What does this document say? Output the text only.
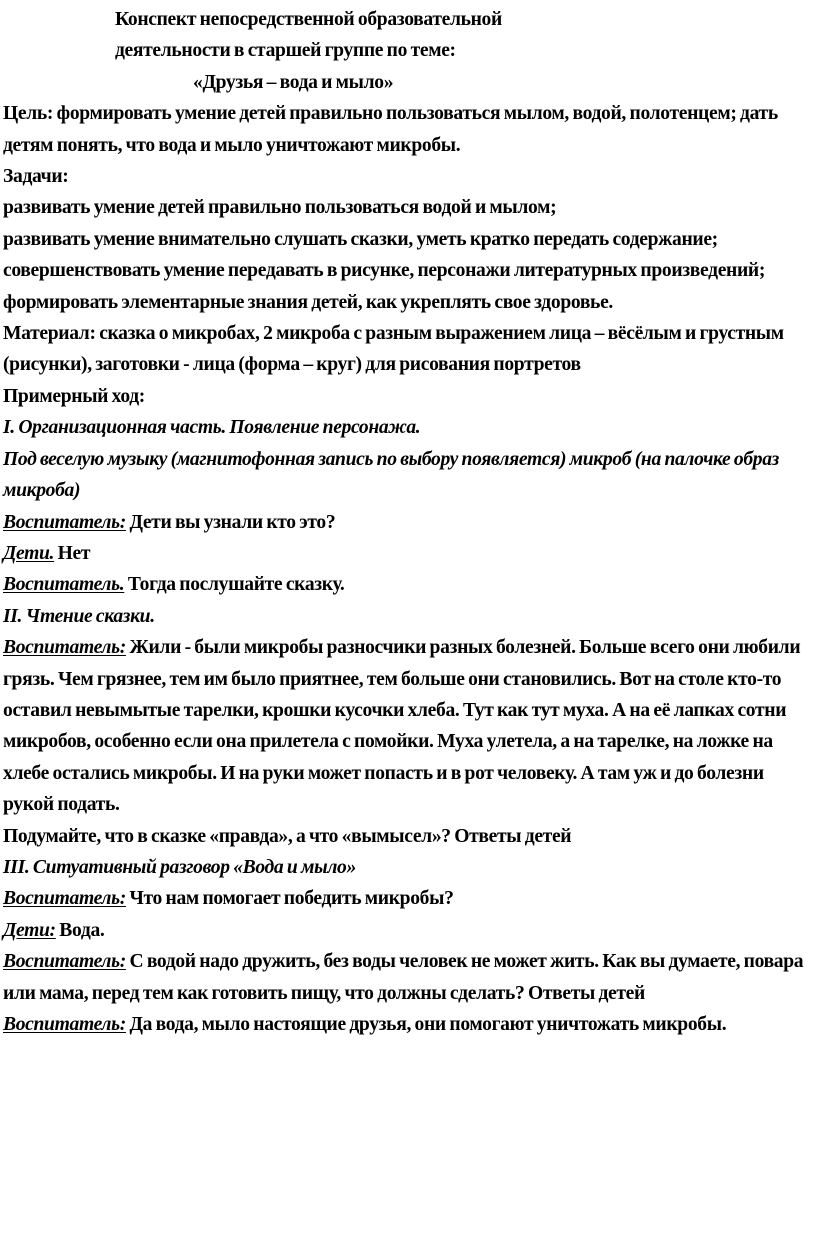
Конспект непосредственной образовательной

деятельности в старшей группе по теме:

«Друзья – вода и мыло»

Цель: формировать умение детей правильно пользоваться мылом, водой, полотенцем; дать детям понять, что вода и мыло уничтожают микробы.

Задачи:

развивать умение детей правильно пользоваться водой и мылом;

развивать умение внимательно слушать сказки, уметь кратко передать содержание;

совершенствовать умение передавать в рисунке, персонажи литературных произведений;

формировать элементарные знания детей, как укреплять свое здоровье.

Материал: сказка о микробах, 2 микроба с разным выражением лица – вёсёлым и грустным (рисунки), заготовки - лица (форма – круг) для рисования портретов

Примерный ход:

I. Организационная часть. Появление персонажа.

Под веселую музыку (магнитофонная запись по выбору появляется) микроб (на палочке образ микроба)

Воспитатель: Дети вы узнали кто это?

Дети. Нет

Воспитатель. Тогда послушайте сказку.

II. Чтение сказки.

Воспитатель: Жили - были микробы разносчики разных болезней. Больше всего они любили грязь. Чем грязнее, тем им было приятнее, тем больше они становились. Вот на столе кто-то оставил невымытые тарелки, крошки кусочки хлеба. Тут как тут муха. А на её лапках сотни микробов, особенно если она прилетела с помойки. Муха улетела, а на тарелке, на ложке на хлебе остались микробы. И на руки может попасть и в рот человеку. А там уж и до болезни рукой подать.

Подумайте, что в сказке «правда», а что «вымысел»? Ответы детей

III. Ситуативный разговор «Вода и мыло»

Воспитатель: Что нам помогает победить микробы?

Дети: Вода.

Воспитатель: С водой надо дружить, без воды человек не может жить. Как вы думаете, повара или мама, перед тем как готовить пищу, что должны сделать? Ответы детей

Воспитатель: Да вода, мыло настоящие друзья, они помогают уничтожать микробы.
